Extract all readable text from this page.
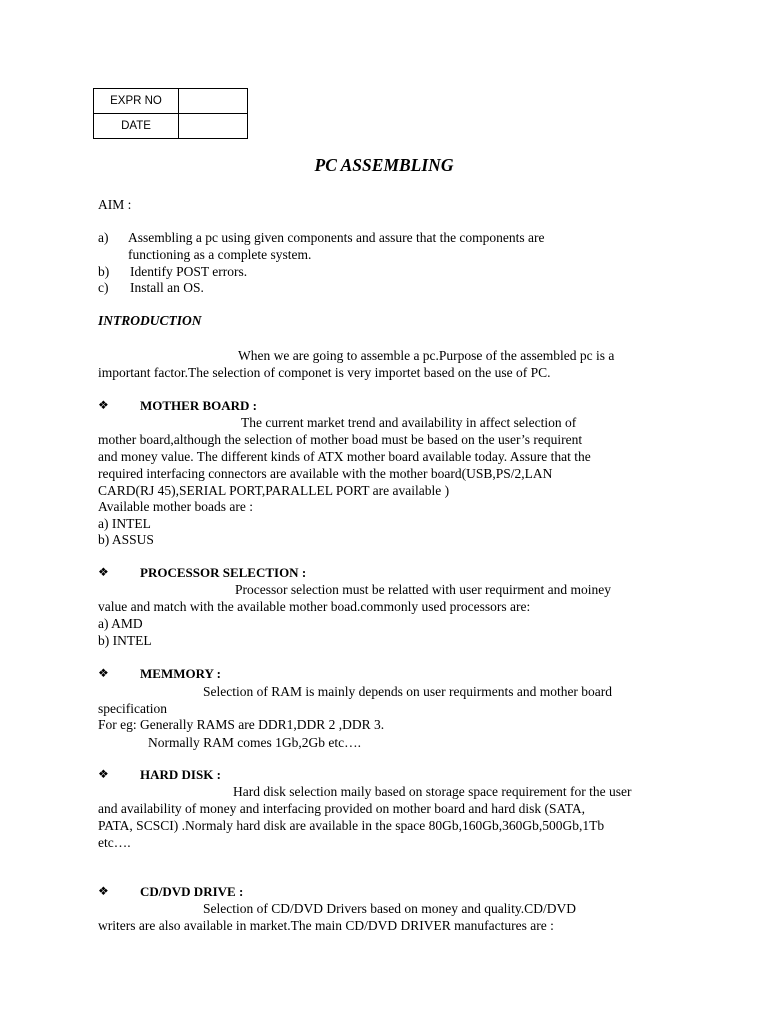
EXPR NO	
DATE	
PC ASSEMBLING
AIM :
a) Assembling a pc using given components and assure that the components are
functioning as a complete system.
b) Identify POST errors.
c) Install an OS.
INTRODUCTION
When we are going to assemble a pc.Purpose of the assembled pc is a
important factor.The selection of componet is very importet based on the use of PC.
❖ MOTHER BOARD :
The current market trend and availability in affect selection of
mother board,although the selection of mother boad must be based on the user’s requirent
and money value. The different kinds of ATX mother board available today. Assure that the
required interfacing connectors are available with the mother board(USB,PS/2,LAN
CARD(RJ 45),SERIAL PORT,PARALLEL PORT are available )
Available mother boads are :
a) INTEL
b) ASSUS
❖ PROCESSOR SELECTION :
Processor selection must be relatted with user requirment and moiney
value and match with the available mother boad.commonly used processors are:
a) AMD
b) INTEL
❖ MEMMORY :
Selection of RAM is mainly depends on user requirments and mother board
specification
For eg: Generally RAMS are DDR1,DDR 2 ,DDR 3.
Normally RAM comes 1Gb,2Gb etc….
❖ HARD DISK :
Hard disk selection maily based on storage space requirement for the user
and availability of money and interfacing provided on mother board and hard disk (SATA,
PATA, SCSCI) .Normaly hard disk are available in the space 80Gb,160Gb,360Gb,500Gb,1Tb
etc….
❖ CD/DVD DRIVE :
Selection of CD/DVD Drivers based on money and quality.CD/DVD
writers are also available in market.The main CD/DVD DRIVER manufactures are :
